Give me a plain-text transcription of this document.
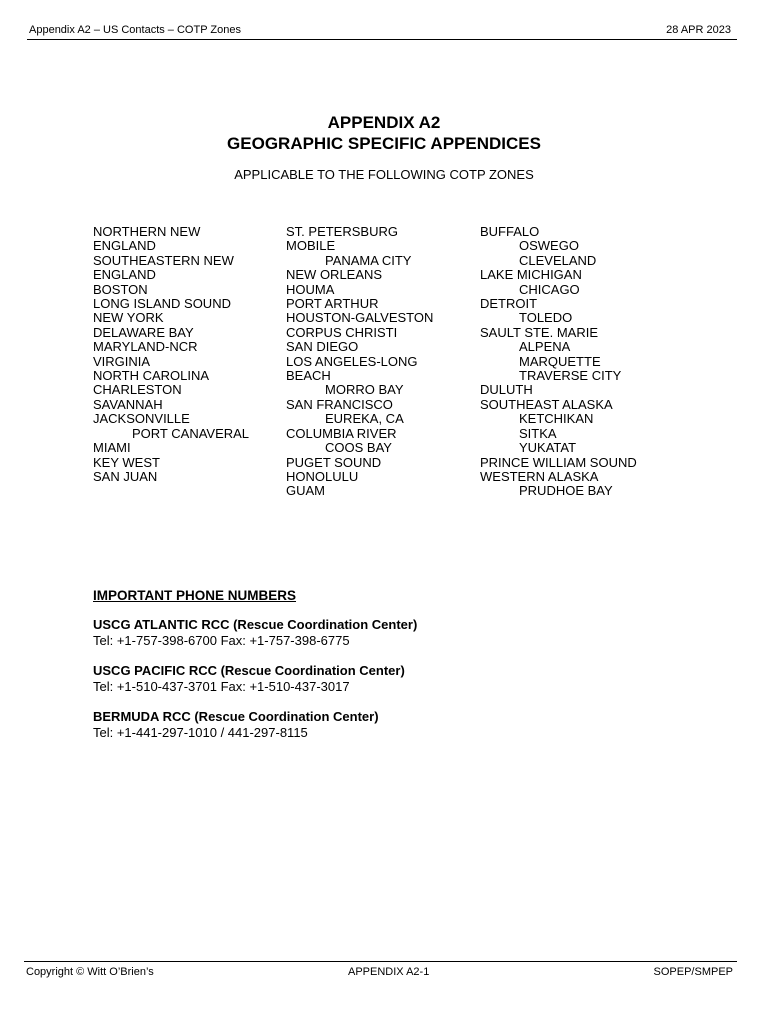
Appendix A2 – US Contacts – COTP Zones	28 APR 2023
APPENDIX A2
GEOGRAPHIC SPECIFIC APPENDICES
APPLICABLE TO THE FOLLOWING COTP ZONES
NORTHERN NEW
ENGLAND
SOUTHEASTERN NEW
ENGLAND
BOSTON
LONG ISLAND SOUND
NEW YORK
DELAWARE BAY
MARYLAND-NCR
VIRGINIA
NORTH CAROLINA
CHARLESTON
SAVANNAH
JACKSONVILLE
PORT CANAVERAL
MIAMI
KEY WEST
SAN JUAN
ST. PETERSBURG
MOBILE
PANAMA CITY
NEW ORLEANS
HOUMA
PORT ARTHUR
HOUSTON-GALVESTON
CORPUS CHRISTI
SAN DIEGO
LOS ANGELES-LONG
BEACH
MORRO BAY
SAN FRANCISCO
EUREKA, CA
COLUMBIA RIVER
COOS BAY
PUGET SOUND
HONOLULU
GUAM
BUFFALO
OSWEGO
CLEVELAND
LAKE MICHIGAN
CHICAGO
DETROIT
TOLEDO
SAULT STE. MARIE
ALPENA
MARQUETTE
TRAVERSE CITY
DULUTH
SOUTHEAST ALASKA
KETCHIKAN
SITKA
YUKATAT
PRINCE WILLIAM SOUND
WESTERN ALASKA
PRUDHOE BAY
IMPORTANT PHONE NUMBERS
USCG ATLANTIC RCC (Rescue Coordination Center)
Tel: +1-757-398-6700 Fax: +1-757-398-6775
USCG PACIFIC RCC (Rescue Coordination Center)
Tel: +1-510-437-3701 Fax: +1-510-437-3017
BERMUDA RCC (Rescue Coordination Center)
Tel: +1-441-297-1010 / 441-297-8115
Copyright © Witt O’Brien’s	APPENDIX A2-1	SOPEP/SMPEP
